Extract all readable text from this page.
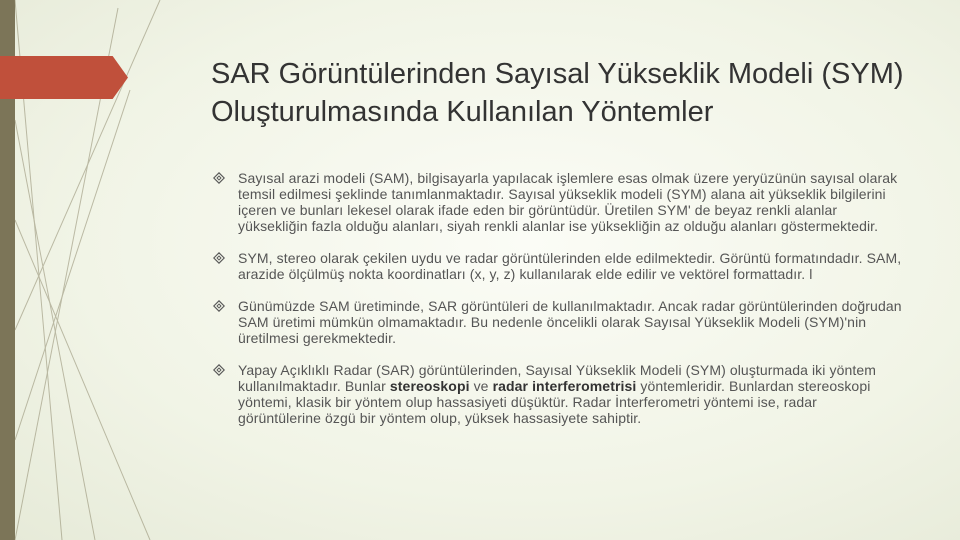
SAR Görüntülerinden Sayısal Yükseklik Modeli (SYM) Oluşturulmasında Kullanılan Yöntemler
Sayısal arazi modeli (SAM), bilgisayarla yapılacak işlemlere esas olmak üzere yeryüzünün sayısal olarak temsil edilmesi şeklinde tanımlanmaktadır. Sayısal yükseklik modeli (SYM) alana ait yükseklik bilgilerini içeren ve bunları lekesel olarak ifade eden bir görüntüdür. Üretilen SYM' de beyaz renkli alanlar yüksekliğin fazla olduğu alanları, siyah renkli alanlar ise yüksekliğin az olduğu alanları göstermektedir.
SYM, stereo olarak çekilen uydu ve radar görüntülerinden elde edilmektedir. Görüntü formatındadır. SAM, arazide ölçülmüş nokta koordinatları (x, y, z) kullanılarak elde edilir ve vektörel formattadır. l
Günümüzde SAM üretiminde, SAR görüntüleri de kullanılmaktadır. Ancak radar görüntülerinden doğrudan SAM üretimi mümkün olmamaktadır. Bu nedenle öncelikli olarak Sayısal Yükseklik Modeli (SYM)'nin üretilmesi gerekmektedir.
Yapay Açıklıklı Radar (SAR) görüntülerinden, Sayısal Yükseklik Modeli (SYM) oluşturmada iki yöntem kullanılmaktadır. Bunlar stereoskopi ve radar interferometrisi yöntemleridir. Bunlardan stereoskopi yöntemi, klasik bir yöntem olup hassasiyeti düşüktür. Radar İnterferometri yöntemi ise, radar görüntülerine özgü bir yöntem olup, yüksek hassasiyete sahiptir.
